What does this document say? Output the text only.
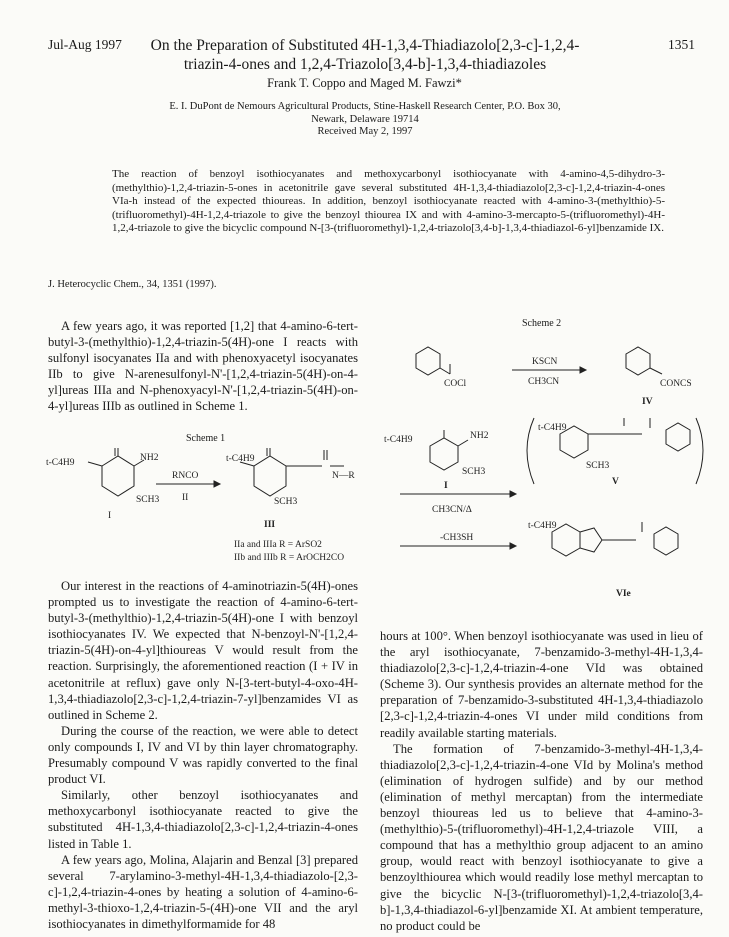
Jul-Aug 1997	1351
On the Preparation of Substituted 4H-1,3,4-Thiadiazolo[2,3-c]-1,2,4-triazin-4-ones and 1,2,4-Triazolo[3,4-b]-1,3,4-thiadiazoles
Frank T. Coppo and Maged M. Fawzi*
E. I. DuPont de Nemours Agricultural Products, Stine-Haskell Research Center, P.O. Box 30,
Newark, Delaware 19714
Received May 2, 1997
The reaction of benzoyl isothiocyanates and methoxycarbonyl isothiocyanate with 4-amino-4,5-dihydro-3-(methylthio)-1,2,4-triazin-5-ones in acetonitrile gave several substituted 4H-1,3,4-thiadiazolo[2,3-c]-1,2,4-triazin-4-ones VIa-h instead of the expected thioureas. In addition, benzoyl isothiocyanate reacted with 4-amino-3-(methylthio)-5-(trifluoromethyl)-4H-1,2,4-triazole to give the benzoyl thiourea IX and with 4-amino-3-mercapto-5-(trifluoromethyl)-4H-1,2,4-triazole to give the bicyclic compound N-[3-(trifluoromethyl)-1,2,4-triazolo[3,4-b]-1,3,4-thiadiazol-6-yl]benzamide IX.
J. Heterocyclic Chem., 34, 1351 (1997).

A few years ago, it was reported [1,2] that 4-amino-6-tert-butyl-3-(methylthio)-1,2,4-triazin-5(4H)-one I reacts with sulfonyl isocyanates IIa and with phenoxyacetyl isocyanates IIb to give N-arenesulfonyl-N'-[1,2,4-triazin-5(4H)-on-4-yl]ureas IIIa and N-phenoxyacyl-N'-[1,2,4-triazin-5(4H)-on-4-yl]ureas IIIb as outlined in Scheme 1.

Scheme 1
t-C4H9	NH2
SCH3
I
RNCO
II
t-C4H9
SCH3
N—R
III
IIa and IIIa R = ArSO2
IIb and IIIb R = ArOCH2CO

Our interest in the reactions of 4-aminotriazin-5(4H)-ones prompted us to investigate the reaction of 4-amino-6-tert-butyl-3-(methylthio)-1,2,4-triazin-5(4H)-one I with benzoyl isothiocyanates IV. We expected that N-benzoyl-N'-[1,2,4-triazin-5(4H)-on-4-yl]thioureas V would result from the reaction. Surprisingly, the aforementioned reaction (I + IV in acetonitrile at reflux) gave only N-[3-tert-butyl-4-oxo-4H-1,3,4-thiadiazolo[2,3-c]-1,2,4-triazin-7-yl]benzamides VI as outlined in Scheme 2.

During the course of the reaction, we were able to detect only compounds I, IV and VI by thin layer chromatography. Presumably compound V was rapidly converted to the final product VI.

Similarly, other benzoyl isothiocyanates and methoxycarbonyl isothiocyanate reacted to give the substituted 4H-1,3,4-thiadiazolo[2,3-c]-1,2,4-triazin-4-ones listed in Table 1.

A few years ago, Molina, Alajarin and Benzal [3] prepared several 7-arylamino-3-methyl-4H-1,3,4-thiadiazolo-[2,3-c]-1,2,4-triazin-4-ones by heating a solution of 4-amino-6-methyl-3-thioxo-1,2,4-triazin-5-(4H)-one VII and the aryl isothiocyanates in dimethylformamide for 48

Scheme 2
COCl
KSCN
CH3CN	CONCS
IV
t-C4H9	NH2
SCH3
I
t-C4H9
SCH3
V
CH3CN/Δ
-CH3SH
t-C4H9
VIe

hours at 100°. When benzoyl isothiocyanate was used in lieu of the aryl isothiocyanate, 7-benzamido-3-methyl-4H-1,3,4-thiadiazolo[2,3-c]-1,2,4-triazin-4-one VId was obtained (Scheme 3). Our synthesis provides an alternate method for the preparation of 7-benzamido-3-substituted 4H-1,3,4-thiadiazolo [2,3-c]-1,2,4-triazin-4-ones VI under mild conditions from readily available starting materials.

The formation of 7-benzamido-3-methyl-4H-1,3,4-thiadiazolo[2,3-c]-1,2,4-triazin-4-one VId by Molina's method (elimination of hydrogen sulfide) and by our method (elimination of methyl mercaptan) from the intermediate benzoyl thioureas led us to believe that 4-amino-3-(methylthio)-5-(trifluoromethyl)-4H-1,2,4-triazole VIII, a compound that has a methylthio group adjacent to an amino group, would react with benzoyl isothiocyanate to give a benzoylthiourea which would readily lose methyl mercaptan to give the bicyclic N-[3-(trifluoromethyl)-1,2,4-triazolo[3,4-b]-1,3,4-thiadiazol-6-yl]benzamide XI. At ambient temperature, no product could be
